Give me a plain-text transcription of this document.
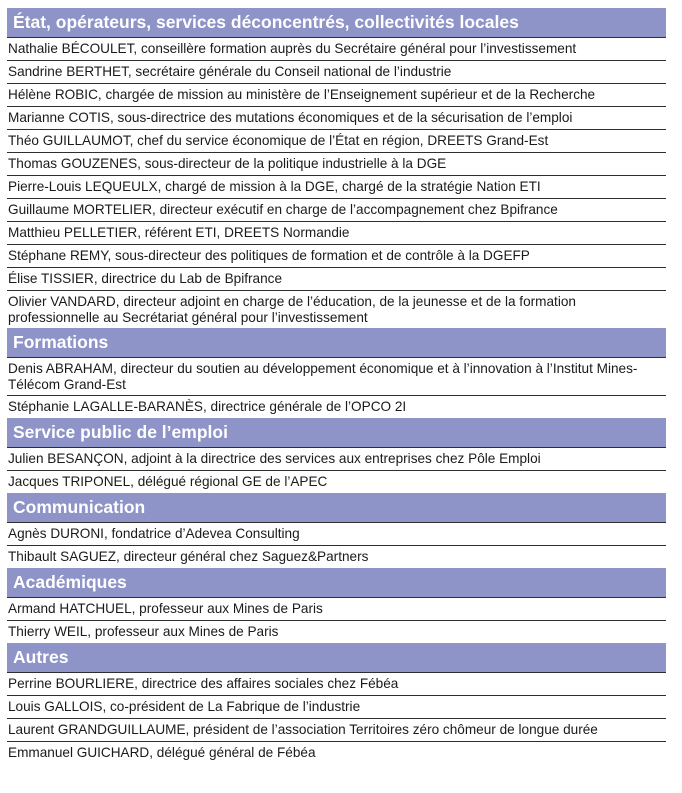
État, opérateurs, services déconcentrés, collectivités locales
Nathalie BÉCOULET, conseillère formation auprès du Secrétaire général pour l’investissement
Sandrine BERTHET, secrétaire générale du Conseil national de l’industrie
Hélène ROBIC, chargée de mission au ministère de l’Enseignement supérieur et de la Recherche
Marianne COTIS, sous-directrice des mutations économiques et de la sécurisation de l’emploi
Théo GUILLAUMOT, chef du service économique de l’État en région, DREETS Grand-Est
Thomas GOUZENES, sous-directeur de la politique industrielle à la DGE
Pierre-Louis LEQUEULX, chargé de mission à la DGE, chargé de la stratégie Nation ETI
Guillaume MORTELIER, directeur exécutif en charge de l’accompagnement chez Bpifrance
Matthieu PELLETIER, référent ETI, DREETS Normandie
Stéphane REMY, sous-directeur des politiques de formation et de contrôle à la DGEFP
Élise TISSIER, directrice du Lab de Bpifrance
Olivier VANDARD, directeur adjoint en charge de l’éducation, de la jeunesse et de la formation professionnelle au Secrétariat général pour l’investissement
Formations
Denis ABRAHAM, directeur du soutien au développement économique et à l’innovation à l’Institut Mines-Télécom Grand-Est
Stéphanie LAGALLE-BARANÈS, directrice générale de l’OPCO 2I
Service public de l’emploi
Julien BESANÇON, adjoint à la directrice des services aux entreprises chez Pôle Emploi
Jacques TRIPONEL, délégué régional GE de l’APEC
Communication
Agnès DURONI, fondatrice d’Adevea Consulting
Thibault SAGUEZ, directeur général chez Saguez&Partners
Académiques
Armand HATCHUEL, professeur aux Mines de Paris
Thierry WEIL, professeur aux Mines de Paris
Autres
Perrine BOURLIERE, directrice des affaires sociales chez Fébéa
Louis GALLOIS, co-président de La Fabrique de l’industrie
Laurent GRANDGUILLAUME, président de l’association Territoires zéro chômeur de longue durée
Emmanuel GUICHARD, délégué général de Fébéa
